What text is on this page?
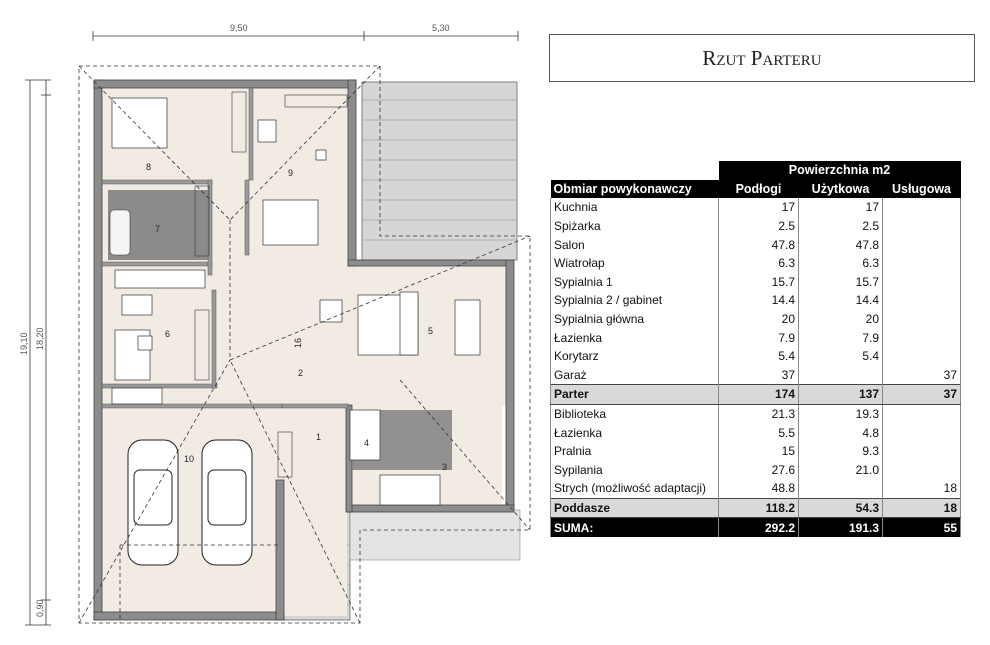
9,50	5,30
19,10 18,20
0,90
1
2
3
4
5
6
7
8
9
10
16
Rzut Parteru
	Powierzchnia m2		
Obmiar powykonawczy	Podłogi	Użytkowa	Usługowa
Kuchnia	17	17	
Spiżarka	2.5	2.5	
Salon	47.8	47.8	
Wiatrołap	6.3	6.3	
Sypialnia 1	15.7	15.7	
Sypialnia 2 / gabinet	14.4	14.4	
Sypialnia główna	20	20	
Łazienka	7.9	7.9	
Korytarz	5.4	5.4	
Garaż	37		37
Parter	174	137	37
Biblioteka	21.3	19.3	
Łazienka	5.5	4.8	
Pralnia	15	9.3	
Sypilania	27.6	21.0	
Strych (możliwość adaptacji)	48.8		18
Poddasze	118.2	54.3	18
SUMA:	292.2	191.3	55
